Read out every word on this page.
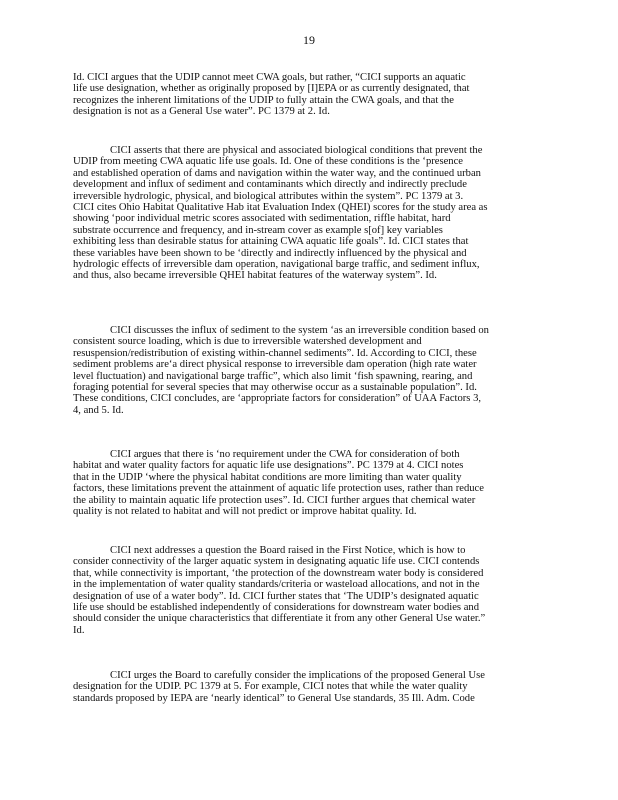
19
Id. CICI argues that the UDIP cannot meet CWA goals, but rather, “CICI supports an aquatic
life use designation, whether as originally proposed by [I]EPA or as currently designated, that
recognizes the inherent limitations of the UDIP to fully attain the CWA goals, and that the
designation is not as a General Use water”. PC 1379 at 2. Id.
CICI asserts that there are physical and associated biological conditions that prevent the
UDIP from meeting CWA aquatic life use goals. Id. One of these conditions is the ‘presence
and established operation of dams and navigation within the water way, and the continued urban
development and influx of sediment and contaminants which directly and indirectly preclude
irreversible hydrologic, physical, and biological attributes within the system”. PC 1379 at 3.
CICI cites Ohio Habitat Qualitative Hab itat Evaluation Index (QHEI) scores for the study area as
showing ‘poor individual metric scores associated with sedimentation, riffle habitat, hard
substrate occurrence and frequency, and in-stream cover as example s[of] key variables
exhibiting less than desirable status for attaining CWA aquatic life goals”. Id. CICI states that
these variables have been shown to be ‘directly and indirectly influenced by the physical and
hydrologic effects of irreversible dam operation, navigational barge traffic, and sediment influx,
and thus, also became irreversible QHEI habitat features of the waterway system”. Id.
CICI discusses the influx of sediment to the system ‘as an irreversible condition based on
consistent source loading, which is due to irreversible watershed development and
resuspension/redistribution of existing within-channel sediments”. Id. According to CICI, these
sediment problems are‘a direct physical response to irreversible dam operation (high rate water
level fluctuation) and navigational barge traffic”, which also limit ‘fish spawning, rearing, and
foraging potential for several species that may otherwise occur as a sustainable population”. Id.
These conditions, CICI concludes, are ‘appropriate factors for consideration” of UAA Factors 3,
4, and 5. Id.
CICI argues that there is ‘no requirement under the CWA for consideration of both
habitat and water quality factors for aquatic life use designations”. PC 1379 at 4. CICI notes
that in the UDIP ‘where the physical habitat conditions are more limiting than water quality
factors, these limitations prevent the attainment of aquatic life protection uses, rather than reduce
the ability to maintain aquatic life protection uses”. Id. CICI further argues that chemical water
quality is not related to habitat and will not predict or improve habitat quality. Id.
CICI next addresses a question the Board raised in the First Notice, which is how to
consider connectivity of the larger aquatic system in designating aquatic life use. CICI contends
that, while connectivity is important, ‘the protection of the downstream water body is considered
in the implementation of water quality standards/criteria or wasteload allocations, and not in the
designation of use of a water body”. Id. CICI further states that ‘The UDIP’s designated aquatic
life use should be established independently of considerations for downstream water bodies and
should consider the unique characteristics that differentiate it from any other General Use water.”
Id.
CICI urges the Board to carefully consider the implications of the proposed General Use
designation for the UDIP. PC 1379 at 5. For example, CICI notes that while the water quality
standards proposed by IEPA are ‘nearly identical” to General Use standards, 35 Ill. Adm. Code
